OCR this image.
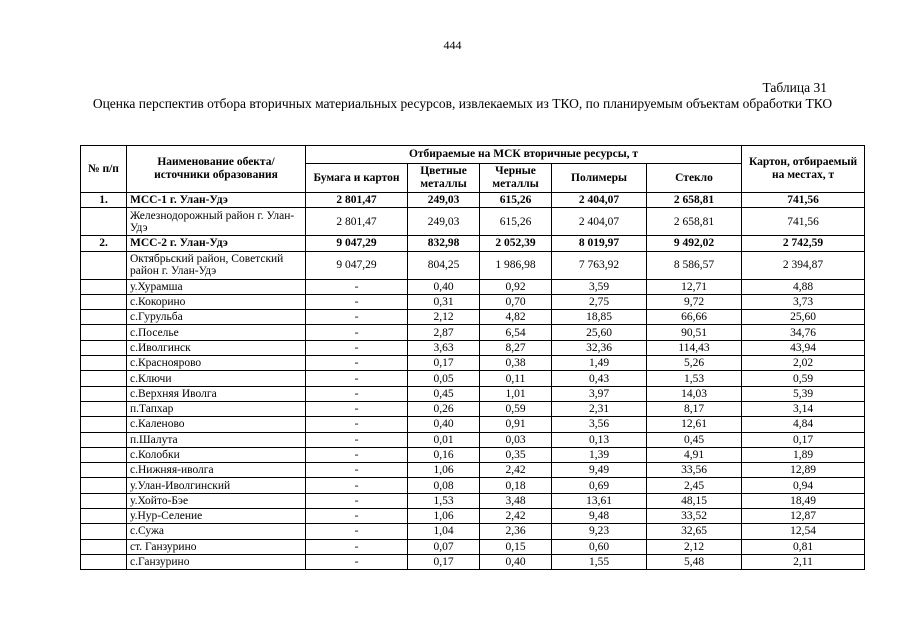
444
Таблица 31
Оценка перспектив отбора вторичных материальных ресурсов, извлекаемых из ТКО, по планируемым объектам обработки ТКО
№ п/п	Наименование обекта/ источники образования	Отбираемые на МСК вторичные ресурсы, т					Картон, отбираемый на местах, т
		Бумага и картон	Цветные металлы	Черные металлы	Полимеры	Стекло	
1.	МСС-1 г. Улан-Удэ	2 801,47	249,03	615,26	2 404,07	2 658,81	741,56
	Железнодорожный район г. Улан-Удэ	2 801,47	249,03	615,26	2 404,07	2 658,81	741,56
2.	МСС-2 г. Улан-Удэ	9 047,29	832,98	2 052,39	8 019,97	9 492,02	2 742,59
	Октябрьский район, Советский район г. Улан-Удэ	9 047,29	804,25	1 986,98	7 763,92	8 586,57	2 394,87
	у.Хурамша	-	0,40	0,92	3,59	12,71	4,88
	с.Кокорино	-	0,31	0,70	2,75	9,72	3,73
	с.Гурульба	-	2,12	4,82	18,85	66,66	25,60
	с.Поселье	-	2,87	6,54	25,60	90,51	34,76
	с.Иволгинск	-	3,63	8,27	32,36	114,43	43,94
	с.Красноярово	-	0,17	0,38	1,49	5,26	2,02
	с.Ключи	-	0,05	0,11	0,43	1,53	0,59
	с.Верхняя Иволга	-	0,45	1,01	3,97	14,03	5,39
	п.Тапхар	-	0,26	0,59	2,31	8,17	3,14
	с.Каленово	-	0,40	0,91	3,56	12,61	4,84
	п.Шалута	-	0,01	0,03	0,13	0,45	0,17
	с.Колобки	-	0,16	0,35	1,39	4,91	1,89
	с.Нижняя-иволга	-	1,06	2,42	9,49	33,56	12,89
	у.Улан-Иволгинский	-	0,08	0,18	0,69	2,45	0,94
	у.Хойто-Бэе	-	1,53	3,48	13,61	48,15	18,49
	у.Нур-Селение	-	1,06	2,42	9,48	33,52	12,87
	с.Сужа	-	1,04	2,36	9,23	32,65	12,54
	ст. Ганзурино	-	0,07	0,15	0,60	2,12	0,81
	с.Ганзурино	-	0,17	0,40	1,55	5,48	2,11
